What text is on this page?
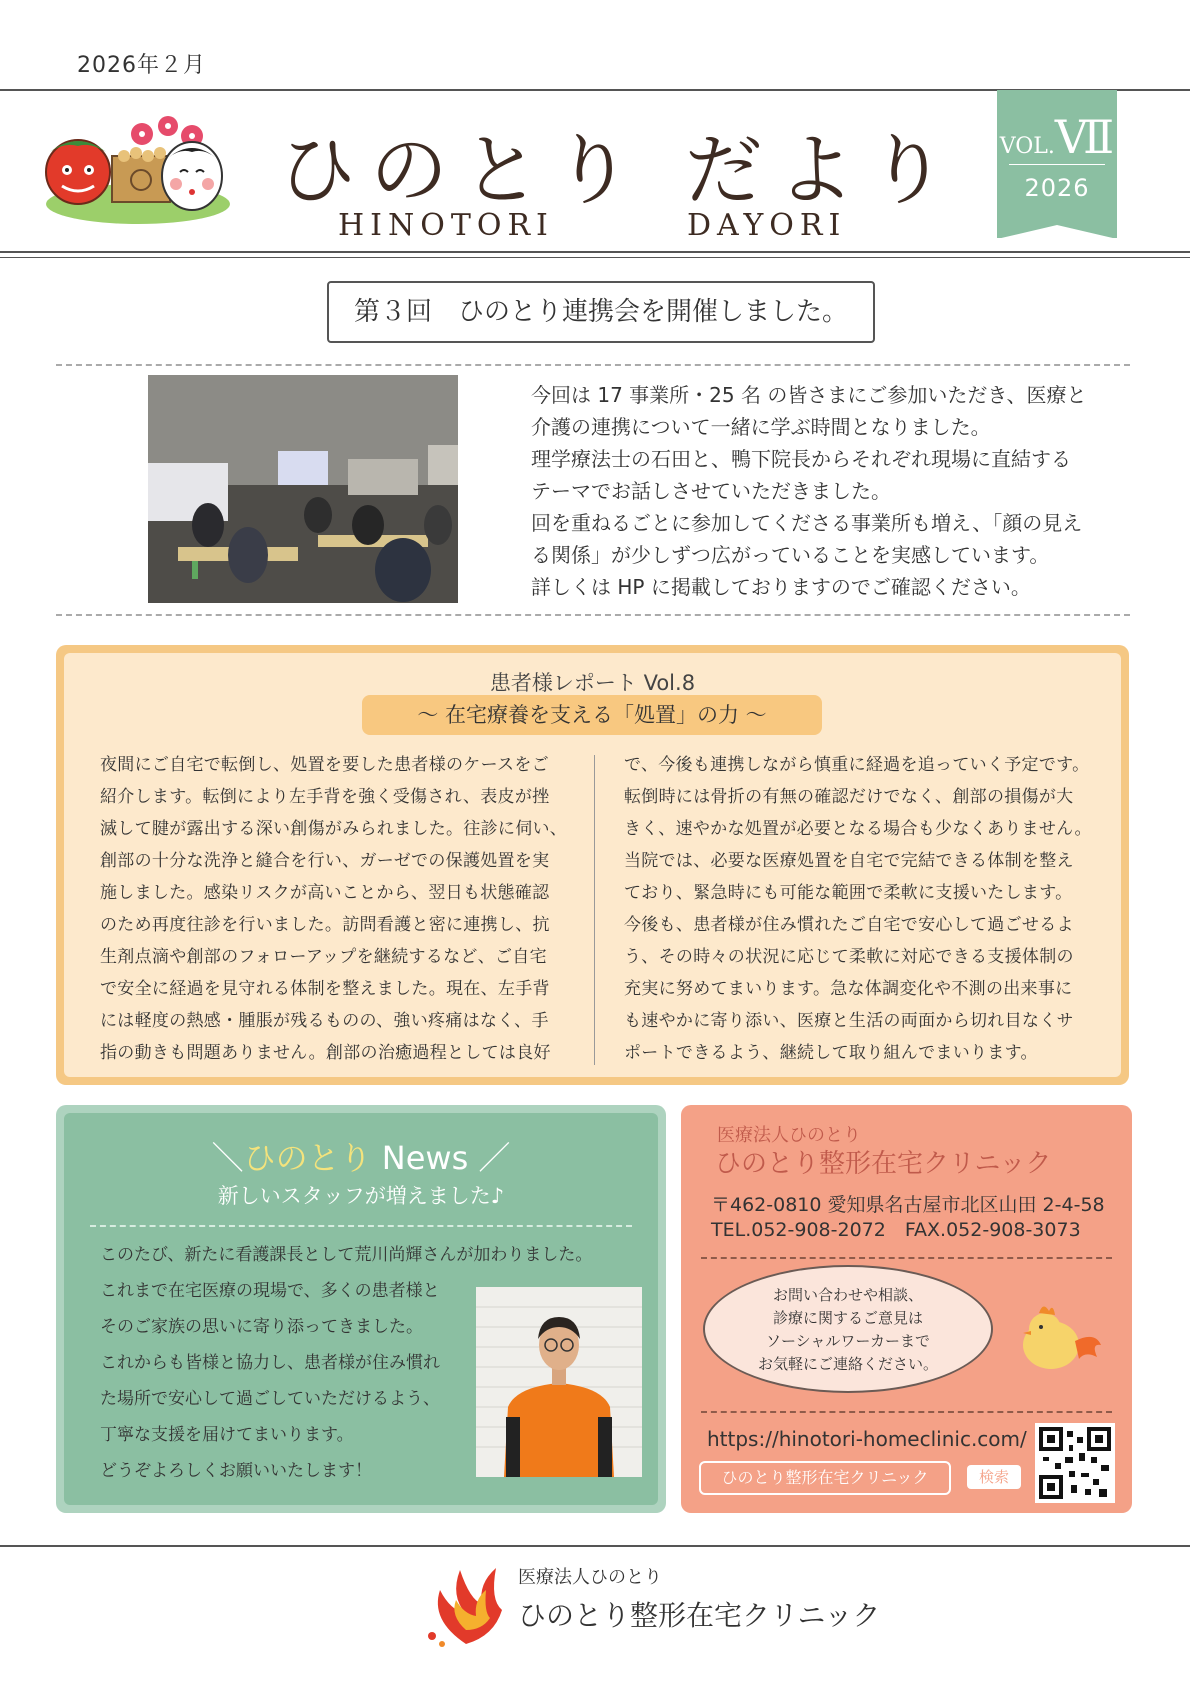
2026年２月
ひのとり だより
HINOTORI	DAYORI
VOL.Ⅶ
2026
第３回　ひのとり連携会を開催しました。

今回は 17 事業所・25 名 の皆さまにご参加いただき、医療と

介護の連携について一緒に学ぶ時間となりました。

理学療法士の石田と、鴨下院長からそれぞれ現場に直結する

テーマでお話しさせていただきました。

回を重ねるごとに参加してくださる事業所も増え、「顔の見え

る関係」が少しずつ広がっていることを実感しています。

詳しくは HP に掲載しておりますのでご確認ください。

患者様レポート Vol.8
～ 在宅療養を支える「処置」の力 ～

夜間にご自宅で転倒し、処置を要した患者様のケースをご

紹介します。転倒により左手背を強く受傷され、表皮が挫

滅して腱が露出する深い創傷がみられました。往診に伺い、

創部の十分な洗浄と縫合を行い、ガーゼでの保護処置を実

施しました。感染リスクが高いことから、翌日も状態確認

のため再度往診を行いました。訪問看護と密に連携し、抗

生剤点滴や創部のフォローアップを継続するなど、ご自宅

で安全に経過を見守れる体制を整えました。現在、左手背

には軽度の熱感・腫脹が残るものの、強い疼痛はなく、手

指の動きも問題ありません。創部の治癒過程としては良好

で、今後も連携しながら慎重に経過を追っていく予定です。

転倒時には骨折の有無の確認だけでなく、創部の損傷が大

きく、速やかな処置が必要となる場合も少なくありません。

当院では、必要な医療処置を自宅で完結できる体制を整え

ており、緊急時にも可能な範囲で柔軟に支援いたします。

今後も、患者様が住み慣れたご自宅で安心して過ごせるよ

う、その時々の状況に応じて柔軟に対応できる支援体制の

充実に努めてまいります。急な体調変化や不測の出来事に

も速やかに寄り添い、医療と生活の両面から切れ目なくサ

ポートできるよう、継続して取り組んでまいります。

＼ひのとり News ／
新しいスタッフが増えました♪

このたび、新たに看護課長として荒川尚輝さんが加わりました。

これまで在宅医療の現場で、多くの患者様と

そのご家族の思いに寄り添ってきました。

これからも皆様と協力し、患者様が住み慣れ

た場所で安心して過ごしていただけるよう、

丁寧な支援を届けてまいります。

どうぞよろしくお願いいたします！

医療法人ひのとり
ひのとり整形在宅クリニック
〒462-0810 愛知県名古屋市北区山田 2-4-58
TEL.052-908-2072　FAX.052-908-3073
お問い合わせや相談、
診療に関するご意見は
ソーシャルワーカーまで
お気軽にご連絡ください。
https://hinotori-homeclinic.com/
ひのとり整形在宅クリニック	検索
医療法人ひのとり
ひのとり整形在宅クリニック
